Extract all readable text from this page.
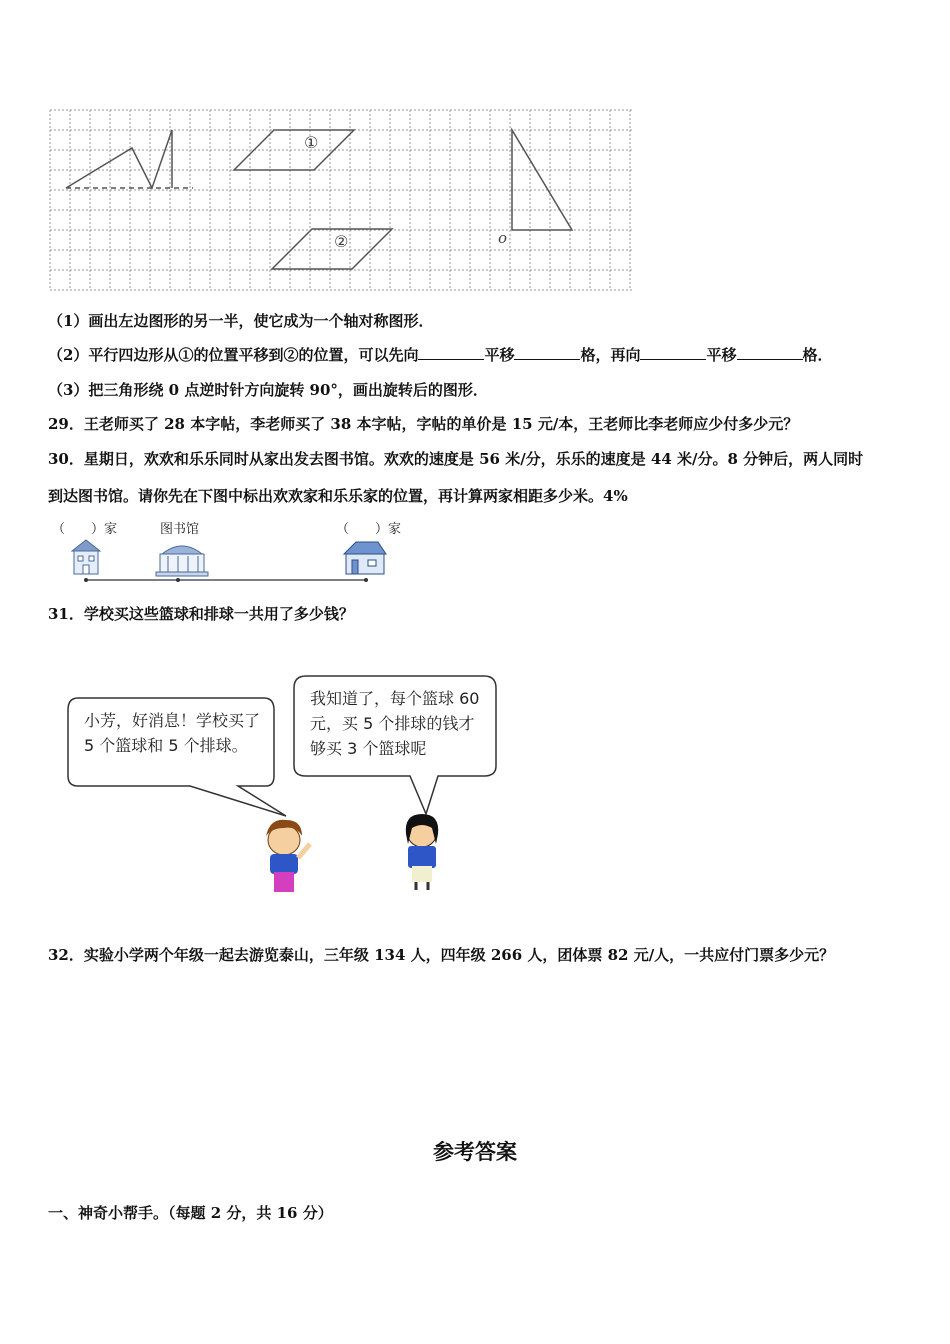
①
②	o
（1）画出左边图形的另一半，使它成为一个轴对称图形．
（2）平行四边形从①的位置平移到②的位置，可以先向	平移	格，再向	平移	格．
（3）把三角形绕 0 点逆时针方向旋转 90°，画出旋转后的图形．
29．王老师买了 28 本字帖，李老师买了 38 本字帖，字帖的单价是 15 元/本，王老师比李老师应少付多少元？
30．星期日，欢欢和乐乐同时从家出发去图书馆。欢欢的速度是 56 米/分，乐乐的速度是 44 米/分。8 分钟后，两人同时
到达图书馆。请你先在下图中标出欢欢家和乐乐家的位置，再计算两家相距多少米。4%
（　　）家	图书馆	（　　）家
31．学校买这些篮球和排球一共用了多少钱？
小芳，好消息！学校买了
5 个篮球和 5 个排球。
我知道了，每个篮球 60
元，买 5 个排球的钱才
够买 3 个篮球呢
32．实验小学两个年级一起去游览泰山，三年级 134 人，四年级 266 人，团体票 82 元/人，一共应付门票多少元？
参考答案
一、神奇小帮手。（每题 2 分，共 16 分）
